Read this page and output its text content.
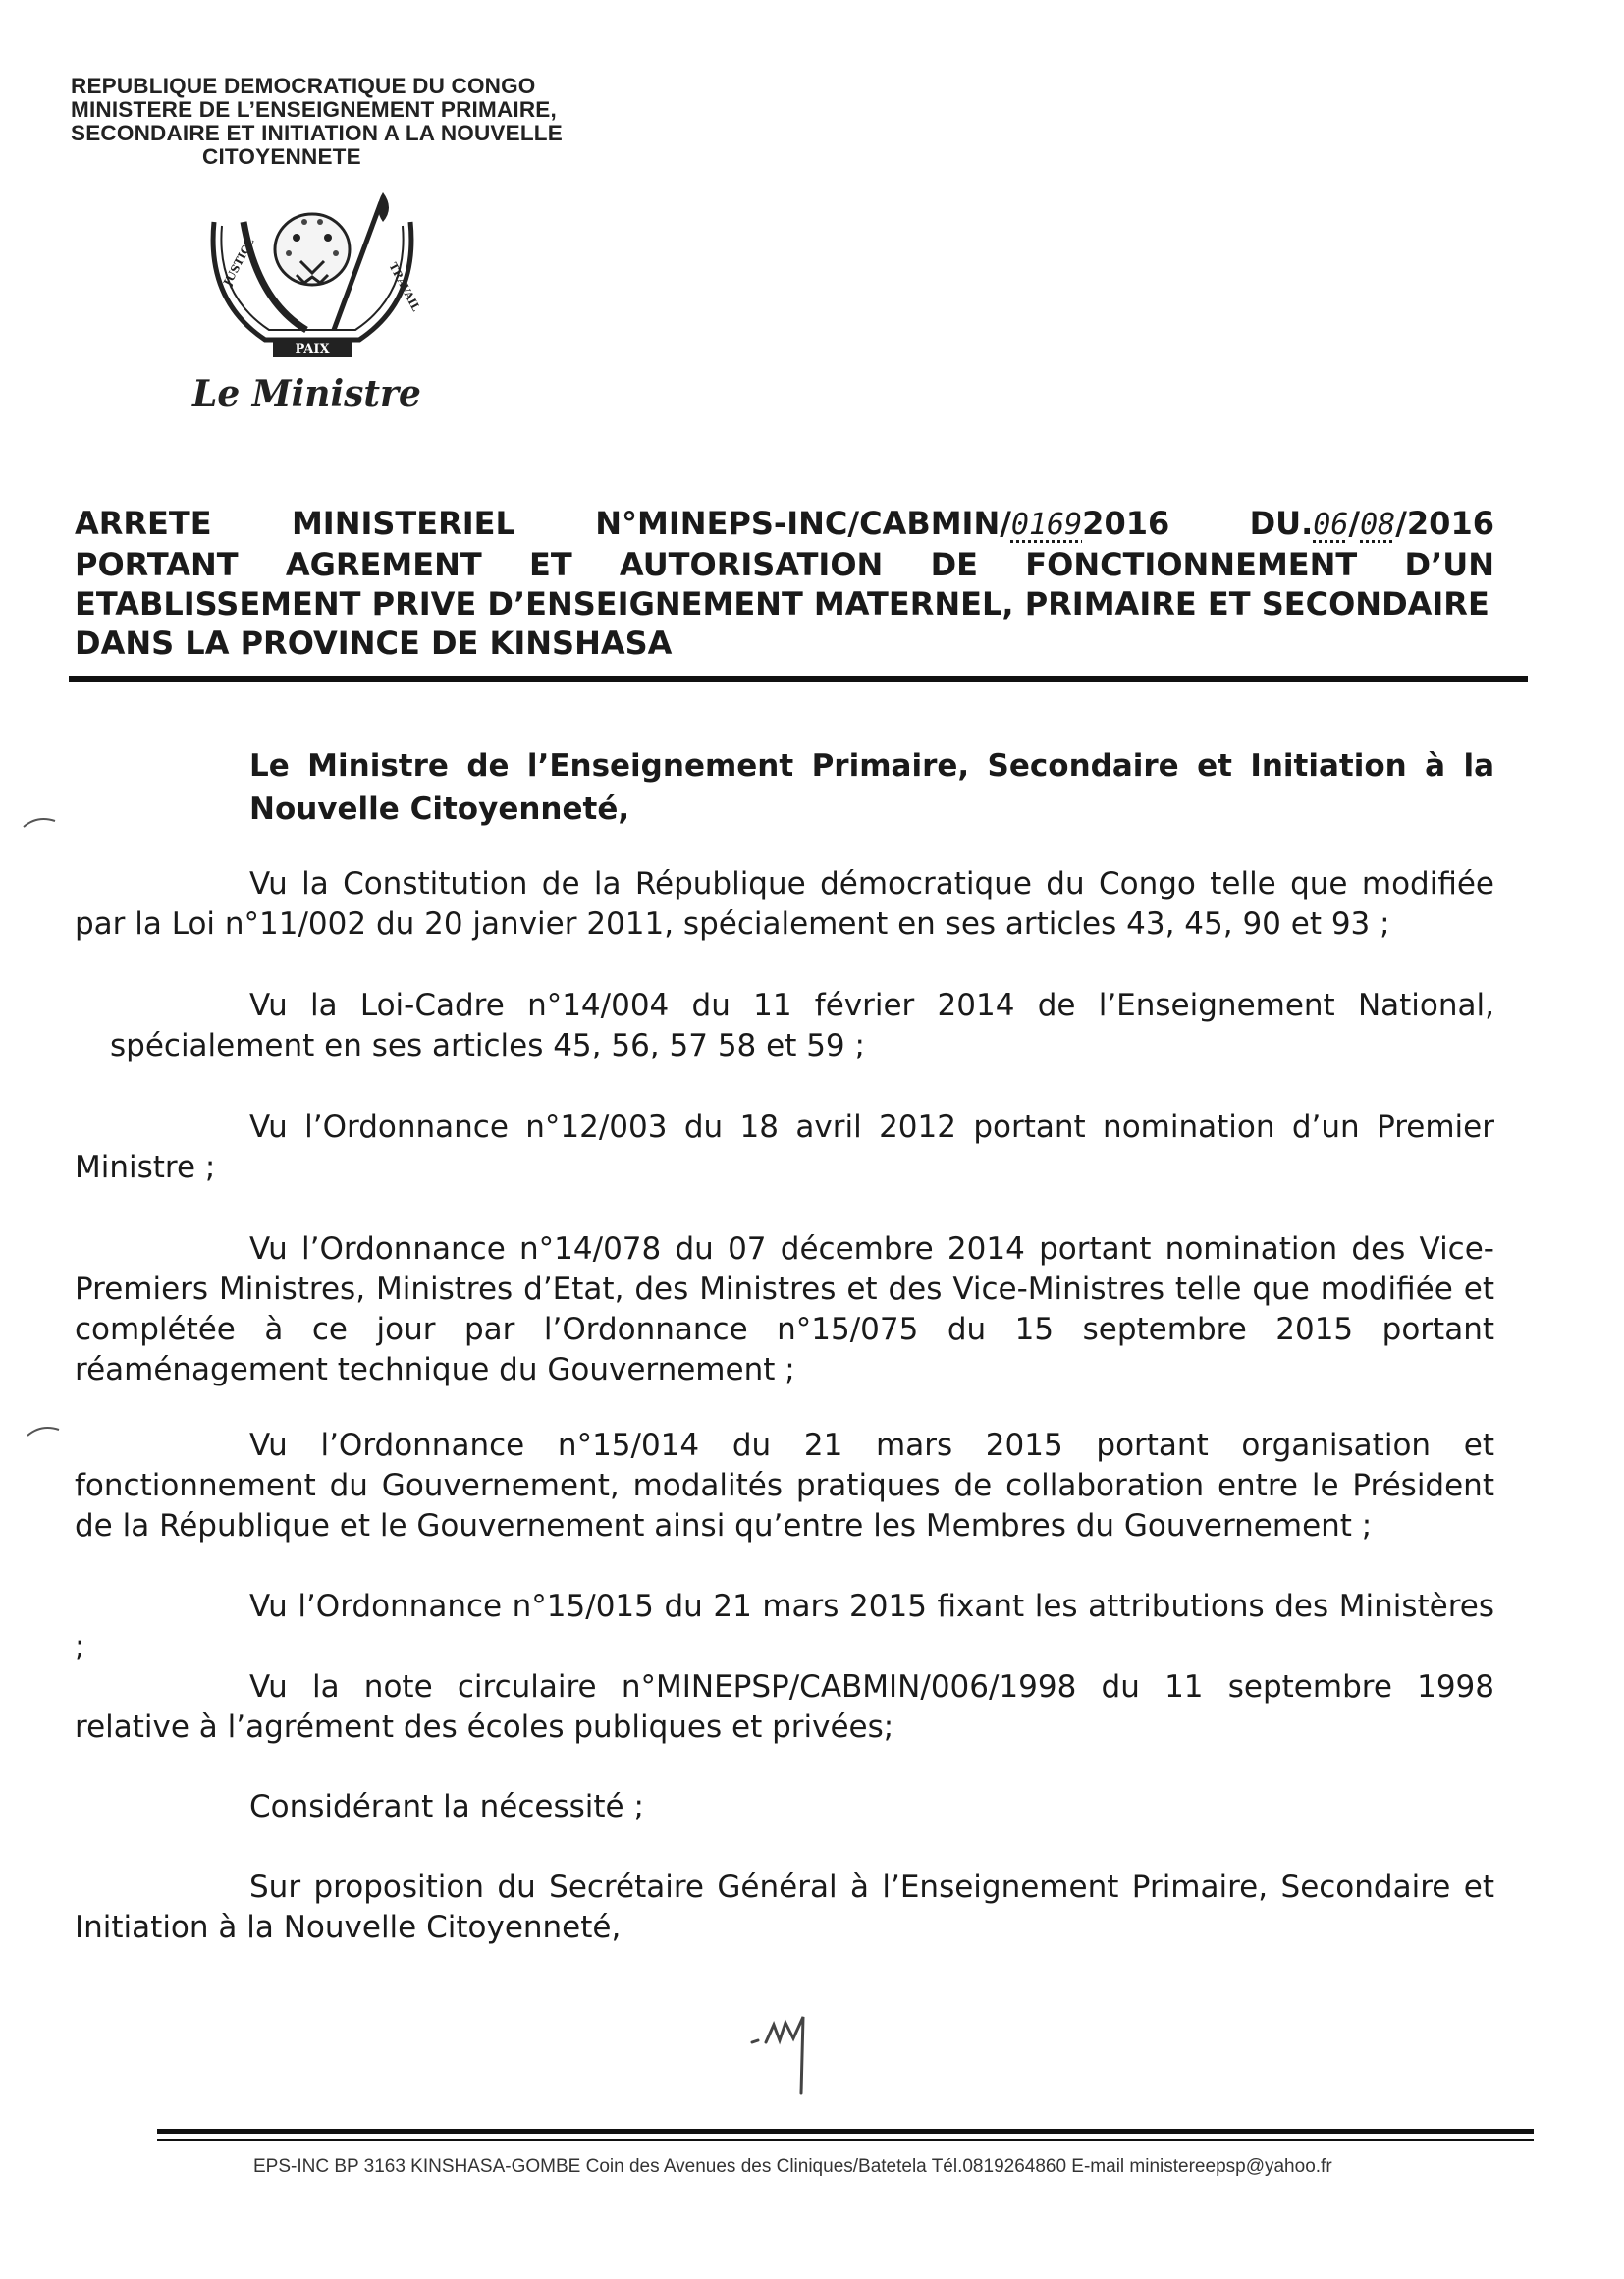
REPUBLIQUE DEMOCRATIQUE DU CONGO
MINISTERE DE L’ENSEIGNEMENT PRIMAIRE,
SECONDAIRE ET INITIATION A LA NOUVELLE
CITOYENNETE
PAIX
JUSTICE	TRAVAIL
Le Ministre
ARRETE	MINISTERIEL	N°MINEPS-INC/CABMIN/01692016	DU.06/08/2016
PORTANT AGREMENT ET AUTORISATION DE FONCTIONNEMENT D’UN
ETABLISSEMENT PRIVE D’ENSEIGNEMENT MATERNEL, PRIMAIRE ET SECONDAIRE
DANS LA PROVINCE DE KINSHASA
Le Ministre de l’Enseignement Primaire, Secondaire et Initiation à la Nouvelle Citoyenneté,
Vu la Constitution de la République démocratique du Congo telle que modifiée par la Loi n°11/002 du 20 janvier 2011, spécialement en ses articles 43, 45, 90 et 93 ;
Vu la Loi-Cadre n°14/004 du 11 février 2014 de l’Enseignement National, spécialement en ses articles 45, 56, 57 58 et 59 ;
Vu l’Ordonnance n°12/003 du 18 avril 2012 portant nomination d’un Premier Ministre ;
Vu l’Ordonnance n°14/078 du 07 décembre 2014 portant nomination des Vice-Premiers Ministres, Ministres d’Etat, des Ministres et des Vice-Ministres telle que modifiée et complétée à ce jour par l’Ordonnance n°15/075 du 15 septembre 2015 portant réaménagement technique du Gouvernement ;
Vu l’Ordonnance n°15/014 du 21 mars 2015 portant organisation et fonctionnement du Gouvernement, modalités pratiques de collaboration entre le Président de la République et le Gouvernement ainsi qu’entre les Membres du Gouvernement ;
Vu l’Ordonnance n°15/015 du 21 mars 2015 fixant les attributions des Ministères ;
Vu la note circulaire n°MINEPSP/CABMIN/006/1998 du 11 septembre 1998 relative à l’agrément des écoles publiques et privées;
Considérant la nécessité ;
Sur proposition du Secrétaire Général à l’Enseignement Primaire, Secondaire et Initiation à la Nouvelle Citoyenneté,
EPS-INC BP 3163 KINSHASA-GOMBE Coin des Avenues des Cliniques/Batetela Tél.0819264860 E-mail ministereepsp@yahoo.fr
